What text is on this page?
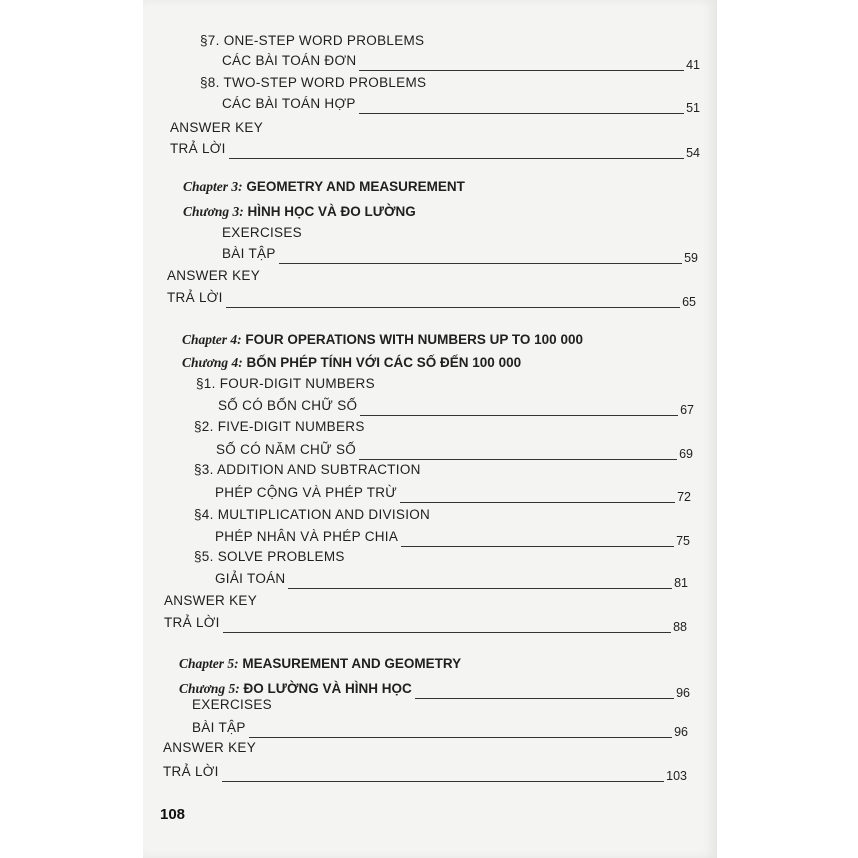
108
§7. ONE-STEP WORD PROBLEMS
CÁC BÀI TOÁN ĐƠN	41
§8. TWO-STEP WORD PROBLEMS
CÁC BÀI TOÁN HỢP	51
ANSWER KEY
TRẢ LỜI	54
Chapter 3: GEOMETRY AND MEASUREMENT
Chương 3: HÌNH HỌC VÀ ĐO LƯỜNG
EXERCISES
BÀI TẬP	59
ANSWER KEY
TRẢ LỜI	65
Chapter 4: FOUR OPERATIONS WITH NUMBERS UP TO 100 000
Chương 4: BỐN PHÉP TÍNH VỚI CÁC SỐ ĐẾN 100 000
§1. FOUR-DIGIT NUMBERS
SỐ CÓ BỐN CHỮ SỐ	67
§2. FIVE-DIGIT NUMBERS
SỐ CÓ NĂM CHỮ SỐ	69
§3. ADDITION AND SUBTRACTION
PHÉP CỘNG VÀ PHÉP TRỪ	72
§4. MULTIPLICATION AND DIVISION
PHÉP NHÂN VÀ PHÉP CHIA	75
§5. SOLVE PROBLEMS
GIẢI TOÁN	81
ANSWER KEY
TRẢ LỜI	88
Chapter 5: MEASUREMENT AND GEOMETRY
Chương 5: ĐO LƯỜNG VÀ HÌNH HỌC	96
EXERCISES
BÀI TẬP	96
ANSWER KEY
TRẢ LỜI	103
